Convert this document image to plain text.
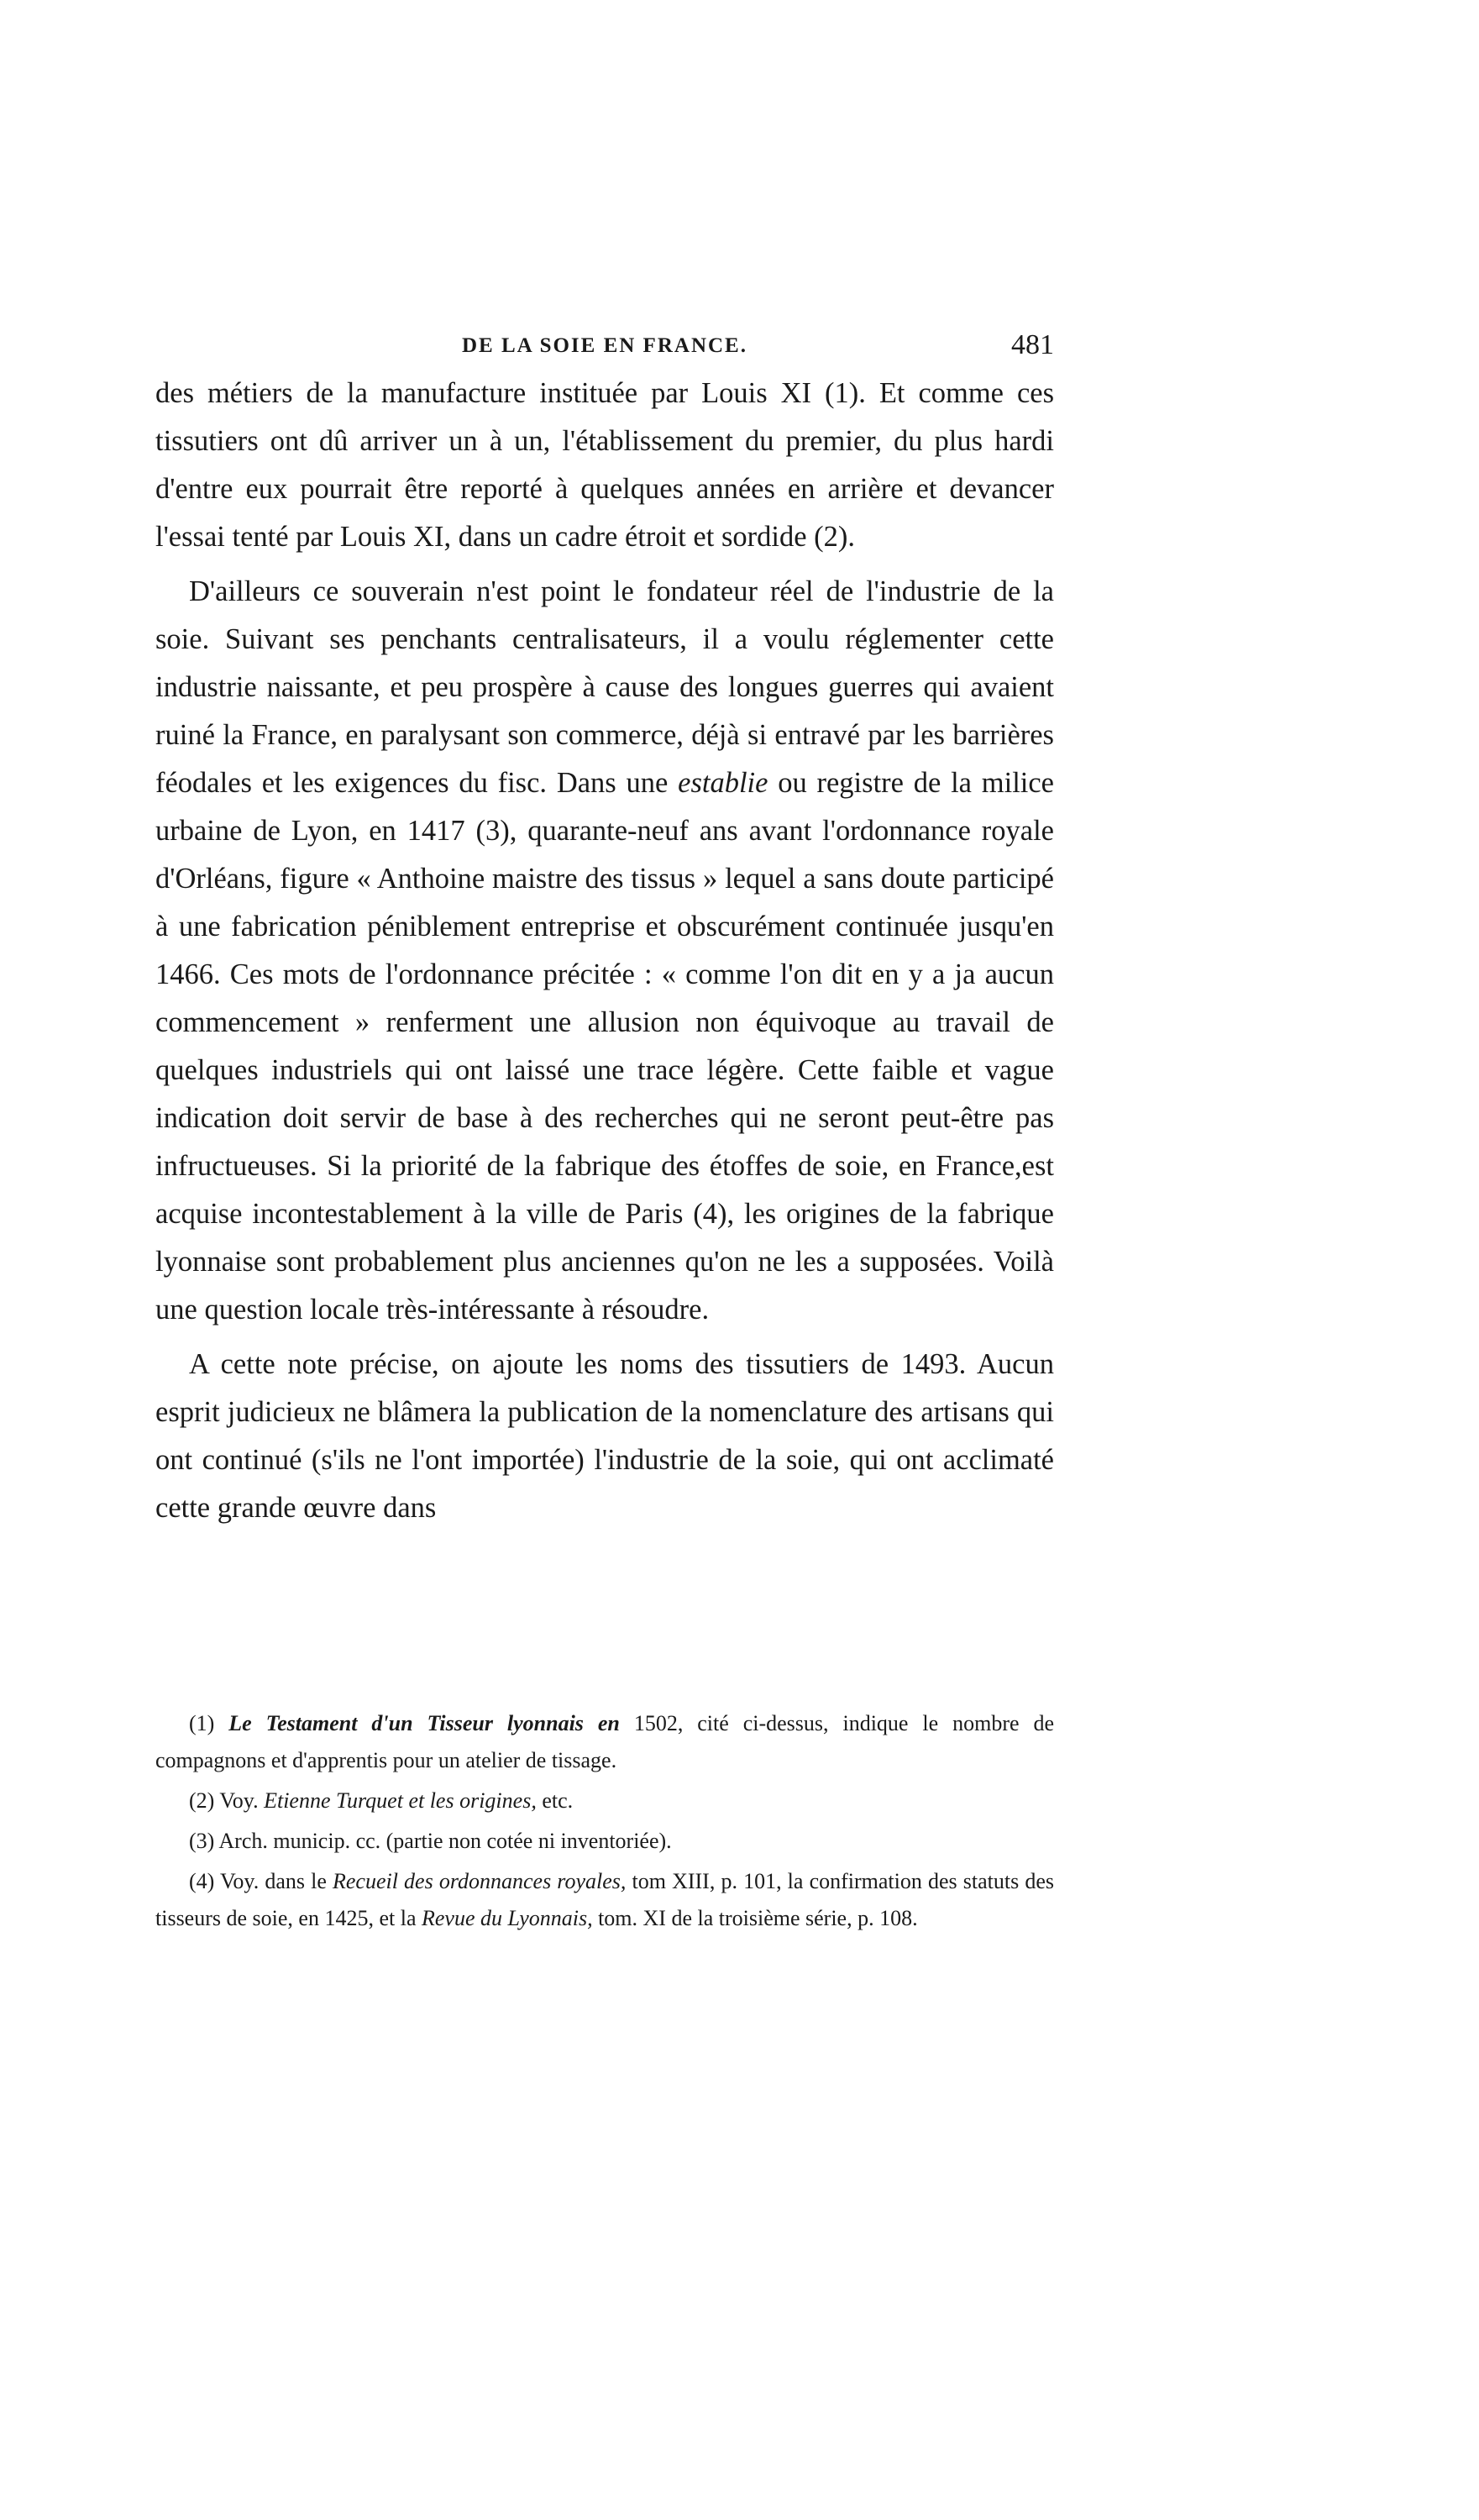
DE LA SOIE EN FRANCE.	481

des métiers de la manufacture instituée par Louis XI (1). Et comme ces tissutiers ont dû arriver un à un, l'établissement du premier, du plus hardi d'entre eux pourrait être reporté à quelques années en arrière et devancer l'essai tenté par Louis XI, dans un cadre étroit et sordide (2).

D'ailleurs ce souverain n'est point le fondateur réel de l'industrie de la soie. Suivant ses penchants centralisateurs, il a voulu réglementer cette industrie naissante, et peu prospère à cause des longues guerres qui avaient ruiné la France, en paralysant son commerce, déjà si entravé par les barrières féodales et les exigences du fisc. Dans une establie ou registre de la milice urbaine de Lyon, en 1417 (3), quarante-neuf ans avant l'ordonnance royale d'Orléans, figure « Anthoine maistre des tissus » lequel a sans doute participé à une fabrication péniblement entreprise et obscurément continuée jusqu'en 1466. Ces mots de l'ordonnance précitée : « comme l'on dit en y a ja aucun commencement » renferment une allusion non équivoque au travail de quelques industriels qui ont laissé une trace légère. Cette faible et vague indication doit servir de base à des recherches qui ne seront peut-être pas infructueuses. Si la priorité de la fabrique des étoffes de soie, en France,est acquise incontestablement à la ville de Paris (4), les origines de la fabrique lyonnaise sont probablement plus anciennes qu'on ne les a supposées. Voilà une question locale très-intéressante à résoudre.

A cette note précise, on ajoute les noms des tissutiers de 1493. Aucun esprit judicieux ne blâmera la publication de la nomenclature des artisans qui ont continué (s'ils ne l'ont importée) l'industrie de la soie, qui ont acclimaté cette grande œuvre dans

(1) Le Testament d'un Tisseur lyonnais en 1502, cité ci-dessus, indique le nombre de compagnons et d'apprentis pour un atelier de tissage.

(2) Voy. Etienne Turquet et les origines, etc.

(3) Arch. municip. cc. (partie non cotée ni inventoriée).

(4) Voy. dans le Recueil des ordonnances royales, tom XIII, p. 101, la confirmation des statuts des tisseurs de soie, en 1425, et la Revue du Lyonnais, tom. XI de la troisième série, p. 108.
